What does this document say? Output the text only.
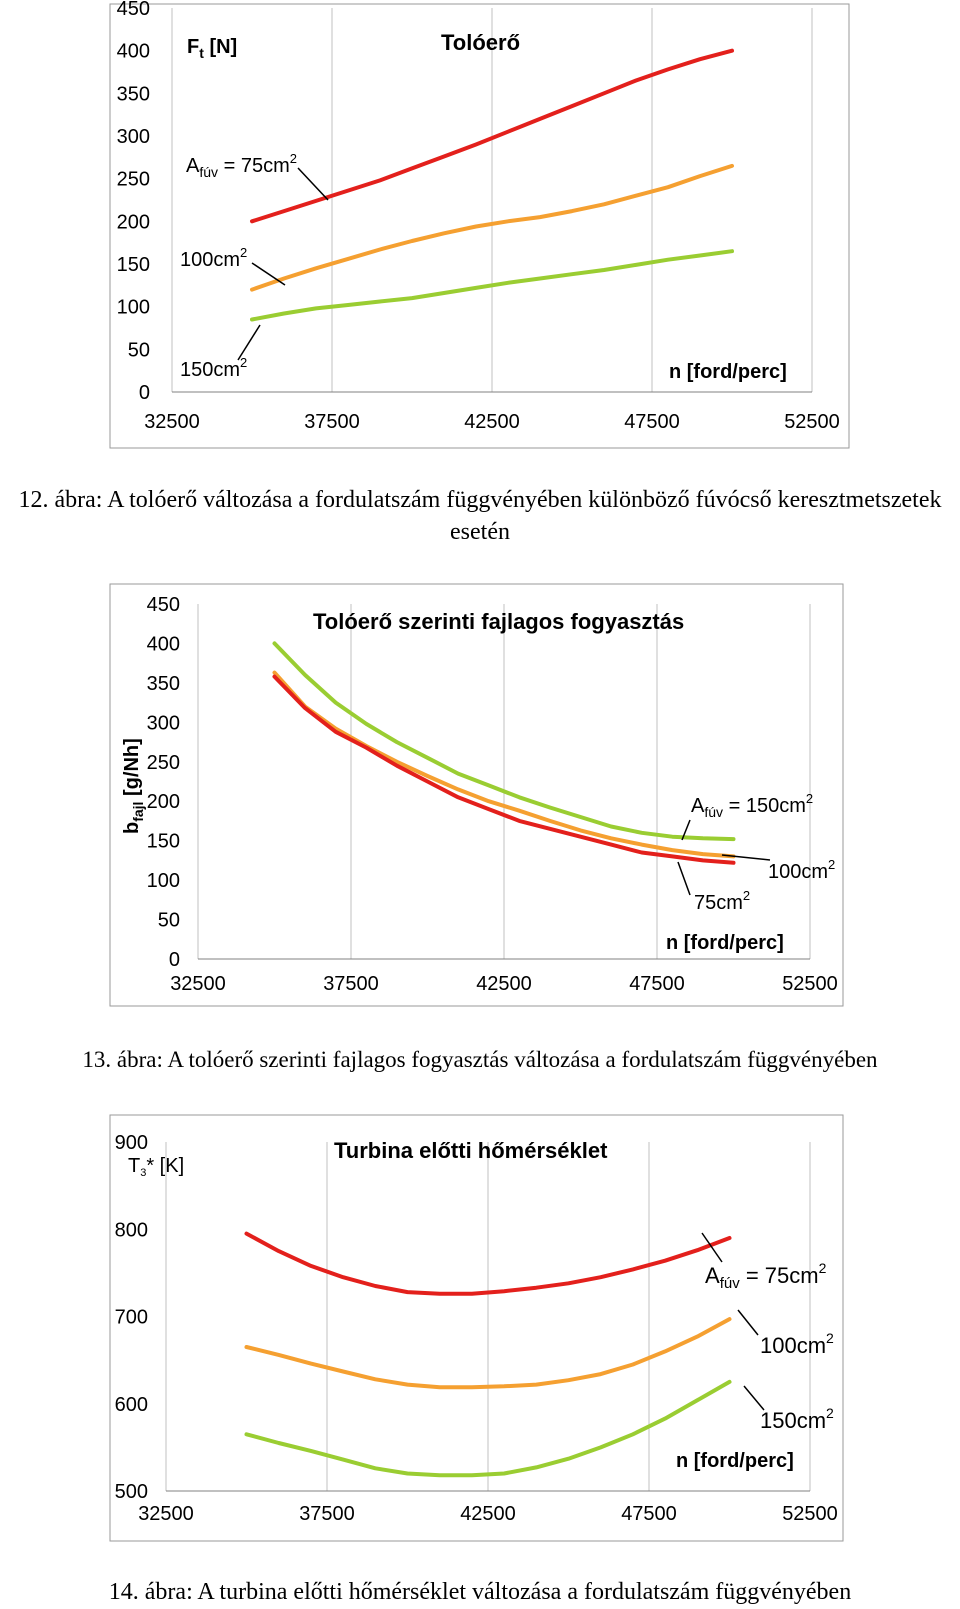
0
50
100
150
200
250
300
350
400
450
32500	37500	42500	47500	52500
Tolóerő
$F_t$ [N]
n [ford/perc]
$A_{fúv} = 75cm^2$
$100cm^2$
$150cm^2$
0
50
100
150
200
250
300
350
400
450
32500	37500	42500	47500	52500
Tolóerő szerinti fajlagos fogyasztás
$b_{fajl}$ [g/Nh]
n [ford/perc]
$A_{fúv} = 150cm^2$
$100cm^2$
$75cm^2$
500
600
700
800
900
32500	37500	42500	47500	52500
Turbina előtti hőmérséklet
$T_3*$ [K]
n [ford/perc]
$A_{fúv} = 75cm^2$
$100cm^2$
$150cm^2$
12. ábra: A tolóerő változása a fordulatszám függvényében különböző fúvócső keresztmetszetek esetén
13. ábra: A tolóerő szerinti fajlagos fogyasztás változása a fordulatszám függvényében
14. ábra: A turbina előtti hőmérséklet változása a fordulatszám függvényében
